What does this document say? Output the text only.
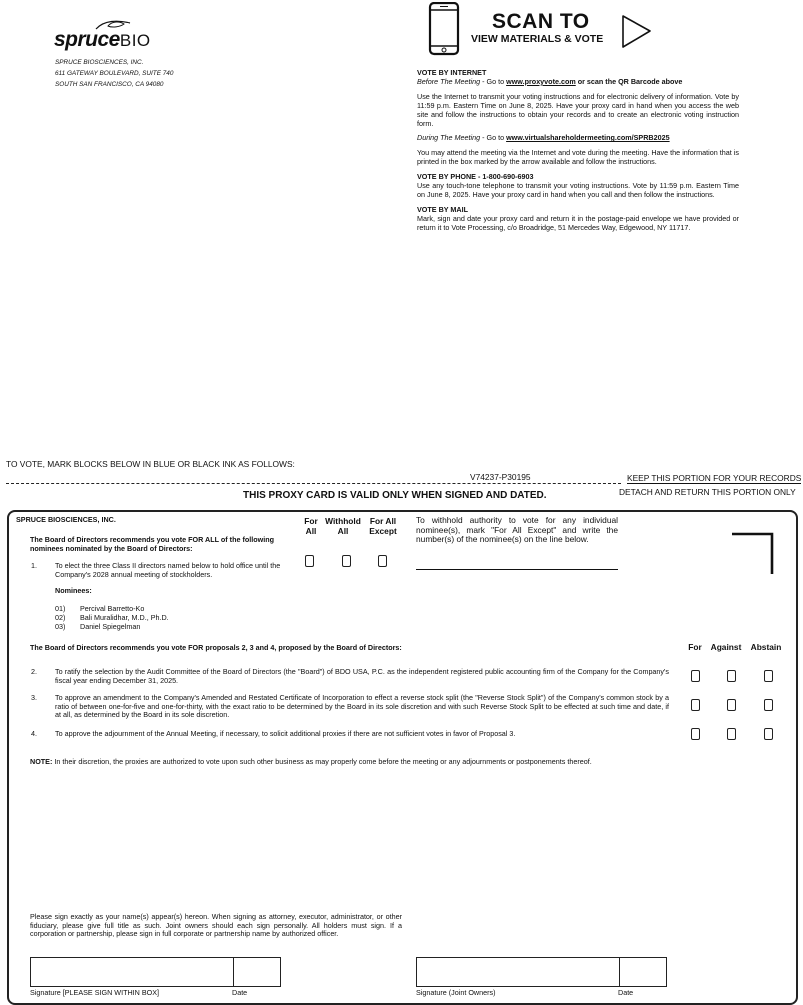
spruceBIO
SPRUCE BIOSCIENCES, INC.
611 GATEWAY BOULEVARD, SUITE 740
SOUTH SAN FRANCISCO, CA 94080
SCAN TO
VIEW MATERIALS & VOTE

VOTE BY INTERNET

Before The Meeting - Go to www.proxyvote.com or scan the QR Barcode above

Use the Internet to transmit your voting instructions and for electronic delivery of information. Vote by 11:59 p.m. Eastern Time on June 8, 2025. Have your proxy card in hand when you access the web site and follow the instructions to obtain your records and to create an electronic voting instruction form.

During The Meeting - Go to www.virtualshareholdermeeting.com/SPRB2025

You may attend the meeting via the Internet and vote during the meeting. Have the information that is printed in the box marked by the arrow available and follow the instructions.

VOTE BY PHONE - 1-800-690-6903

Use any touch-tone telephone to transmit your voting instructions. Vote by 11:59 p.m. Eastern Time on June 8, 2025. Have your proxy card in hand when you call and then follow the instructions.

VOTE BY MAIL

Mark, sign and date your proxy card and return it in the postage-paid envelope we have provided or return it to Vote Processing, c/o Broadridge, 51 Mercedes Way, Edgewood, NY 11717.

TO VOTE, MARK BLOCKS BELOW IN BLUE OR BLACK INK AS FOLLOWS:
V74237-P30195	KEEP THIS PORTION FOR YOUR RECORDS
DETACH AND RETURN THIS PORTION ONLY
THIS PROXY CARD IS VALID ONLY WHEN SIGNED AND DATED.
SPRUCE BIOSCIENCES, INC.	For All
Withhold All
For All Except
To withhold authority to vote for any individual nominee(s), mark "For All Except" and write the number(s) of the nominee(s) on the line below.
The Board of Directors recommends you vote FOR ALL of the following nominees nominated by the Board of Directors:
1.	To elect the three Class II directors named below to hold office until the Company's 2028 annual meeting of stockholders.
Nominees:
01) Percival Barretto-Ko
02) Bali Muralidhar, M.D., Ph.D.
03) Daniel Spiegelman
The Board of Directors recommends you vote FOR proposals 2, 3 and 4, proposed by the Board of Directors:	For	Against	Abstain
2.	To ratify the selection by the Audit Committee of the Board of Directors (the "Board") of BDO USA, P.C. as the independent registered public accounting firm of the Company for the Company's fiscal year ending December 31, 2025.
3.	To approve an amendment to the Company's Amended and Restated Certificate of Incorporation to effect a reverse stock split (the "Reverse Stock Split") of the Company's common stock by a ratio of between one-for-five and one-for-thirty, with the exact ratio to be determined by the Board in its sole discretion and with such Reverse Stock Split to be effected at such time and date, if at all, as determined by the Board in its sole discretion.
4.	To approve the adjournment of the Annual Meeting, if necessary, to solicit additional proxies if there are not sufficient votes in favor of Proposal 3.
NOTE: In their discretion, the proxies are authorized to vote upon such other business as may properly come before the meeting or any adjournments or postponements thereof.
Please sign exactly as your name(s) appear(s) hereon. When signing as attorney, executor, administrator, or other fiduciary, please give full title as such. Joint owners should each sign personally. All holders must sign. If a corporation or partnership, please sign in full corporate or partnership name by authorized officer.
Signature [PLEASE SIGN WITHIN BOX]	Date	Signature (Joint Owners)	Date
